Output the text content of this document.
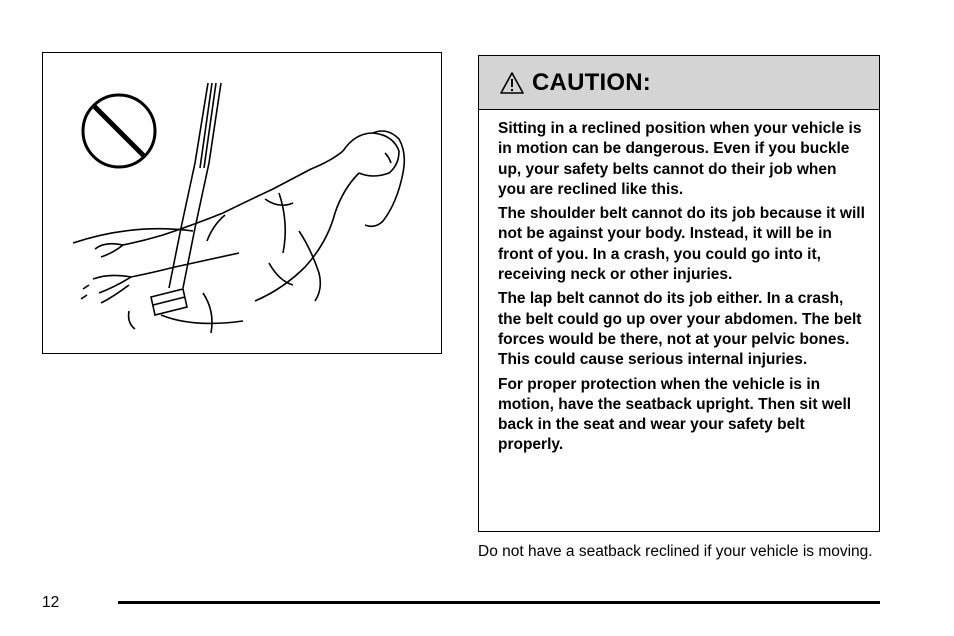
CAUTION:

Sitting in a reclined position when your vehicle is in motion can be dangerous. Even if you buckle up, your safety belts cannot do their job when you are reclined like this.

The shoulder belt cannot do its job because it will not be against your body. Instead, it will be in front of you. In a crash, you could go into it, receiving neck or other injuries.

The lap belt cannot do its job either. In a crash, the belt could go up over your abdomen. The belt forces would be there, not at your pelvic bones. This could cause serious internal injuries.

For proper protection when the vehicle is in motion, have the seatback upright. Then sit well back in the seat and wear your safety belt properly.

Do not have a seatback reclined if your vehicle is moving.
12
